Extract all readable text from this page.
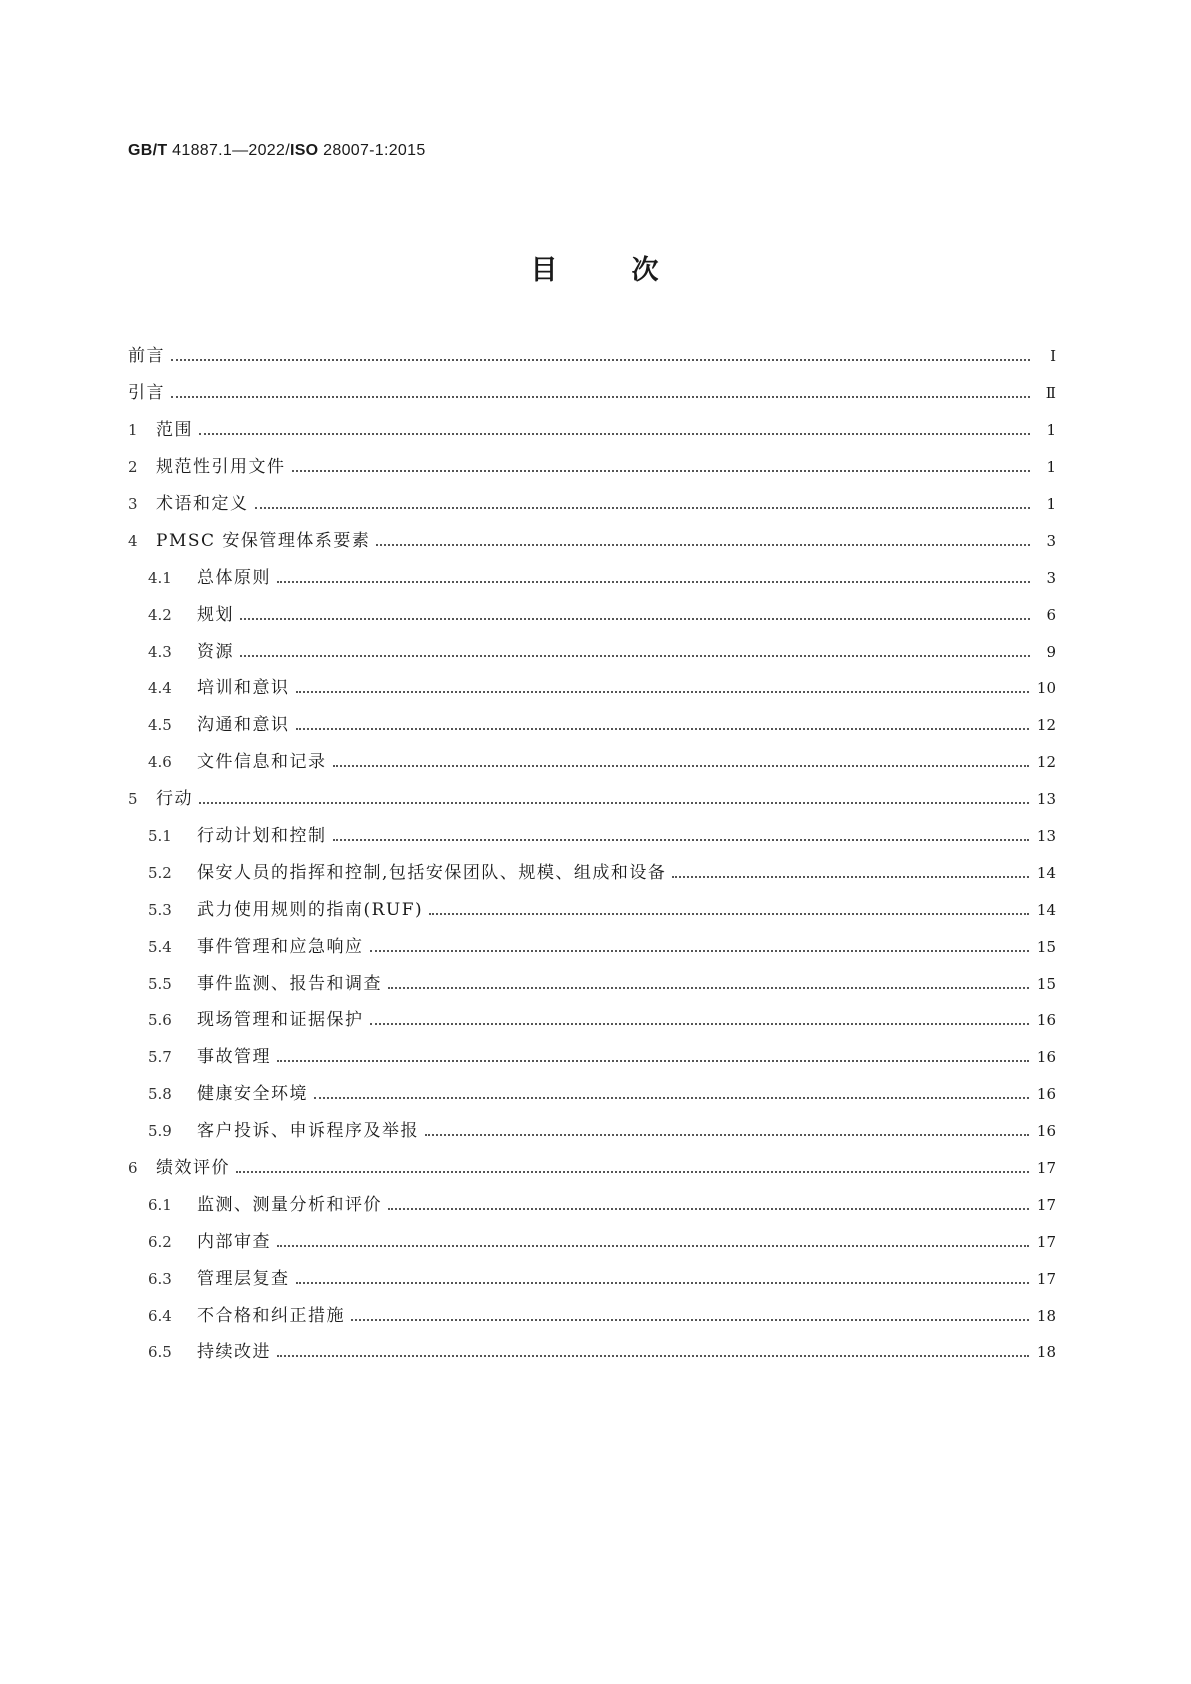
GB/T 41887.1—2022/ISO 28007-1:2015
目	次
前言	Ⅰ
引言	Ⅱ
1	范围	1
2	规范性引用文件	1
3	术语和定义	1
4	PMSC 安保管理体系要素	3
4.1	总体原则	3
4.2	规划	6
4.3	资源	9
4.4	培训和意识	10
4.5	沟通和意识	12
4.6	文件信息和记录	12
5	行动	13
5.1	行动计划和控制	13
5.2	保安人员的指挥和控制,包括安保团队、规模、组成和设备	14
5.3	武力使用规则的指南(RUF)	14
5.4	事件管理和应急响应	15
5.5	事件监测、报告和调查	15
5.6	现场管理和证据保护	16
5.7	事故管理	16
5.8	健康安全环境	16
5.9	客户投诉、申诉程序及举报	16
6	绩效评价	17
6.1	监测、测量分析和评价	17
6.2	内部审查	17
6.3	管理层复查	17
6.4	不合格和纠正措施	18
6.5	持续改进	18
